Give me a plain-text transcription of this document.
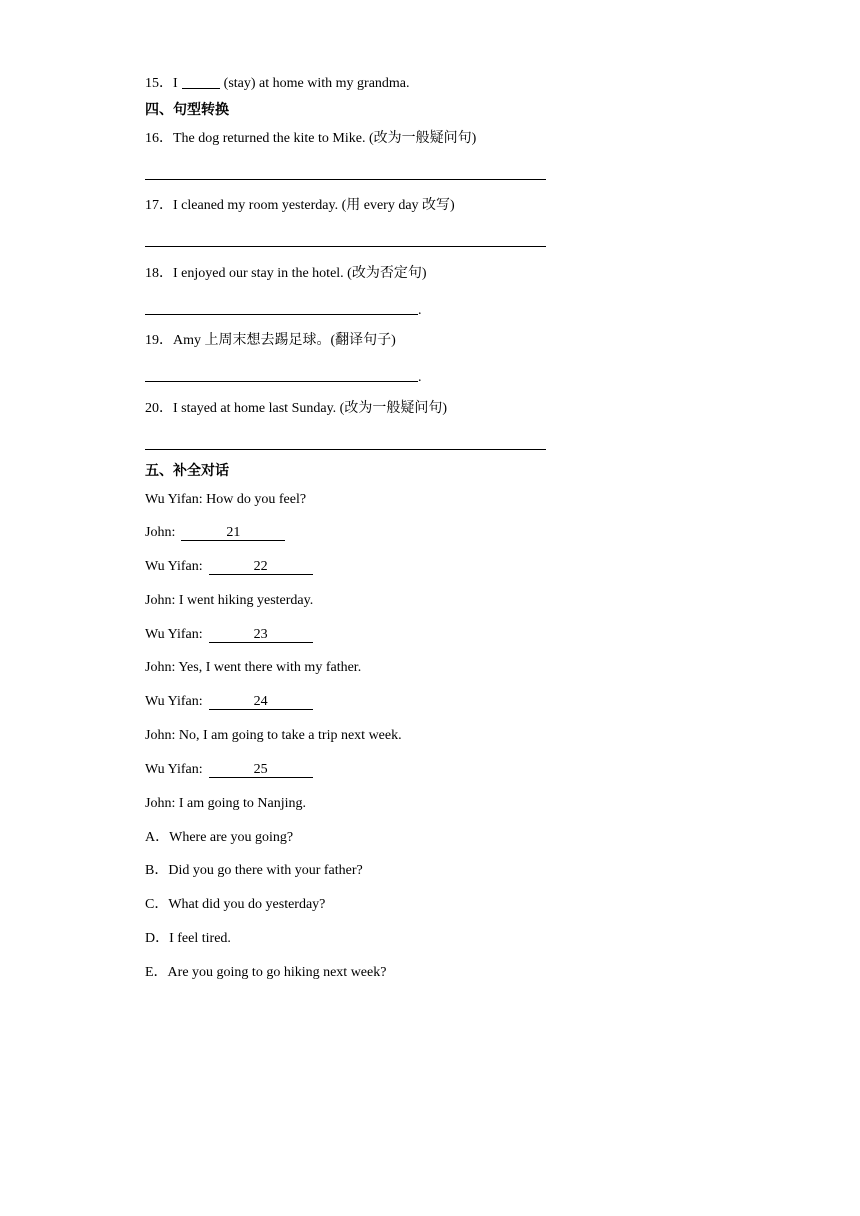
15．I	(stay) at home with my grandma.
四、句型转换
16．The dog returned the kite to Mike. (改为一般疑问句)
17．I cleaned my room yesterday. (用 every day 改写)
18．I enjoyed our stay in the hotel. (改为否定句)
.
19．Amy 上周末想去踢足球。(翻译句子)
.
20．I stayed at home last Sunday. (改为一般疑问句)
五、补全对话
Wu Yifan: How do you feel?
John:	21
Wu Yifan:	22
John: I went hiking yesterday.
Wu Yifan:	23
John: Yes, I went there with my father.
Wu Yifan:	24
John: No, I am going to take a trip next week.
Wu Yifan:	25
John: I am going to Nanjing.
A．Where are you going?
B．Did you go there with your father?
C．What did you do yesterday?
D．I feel tired.
E．Are you going to go hiking next week?
